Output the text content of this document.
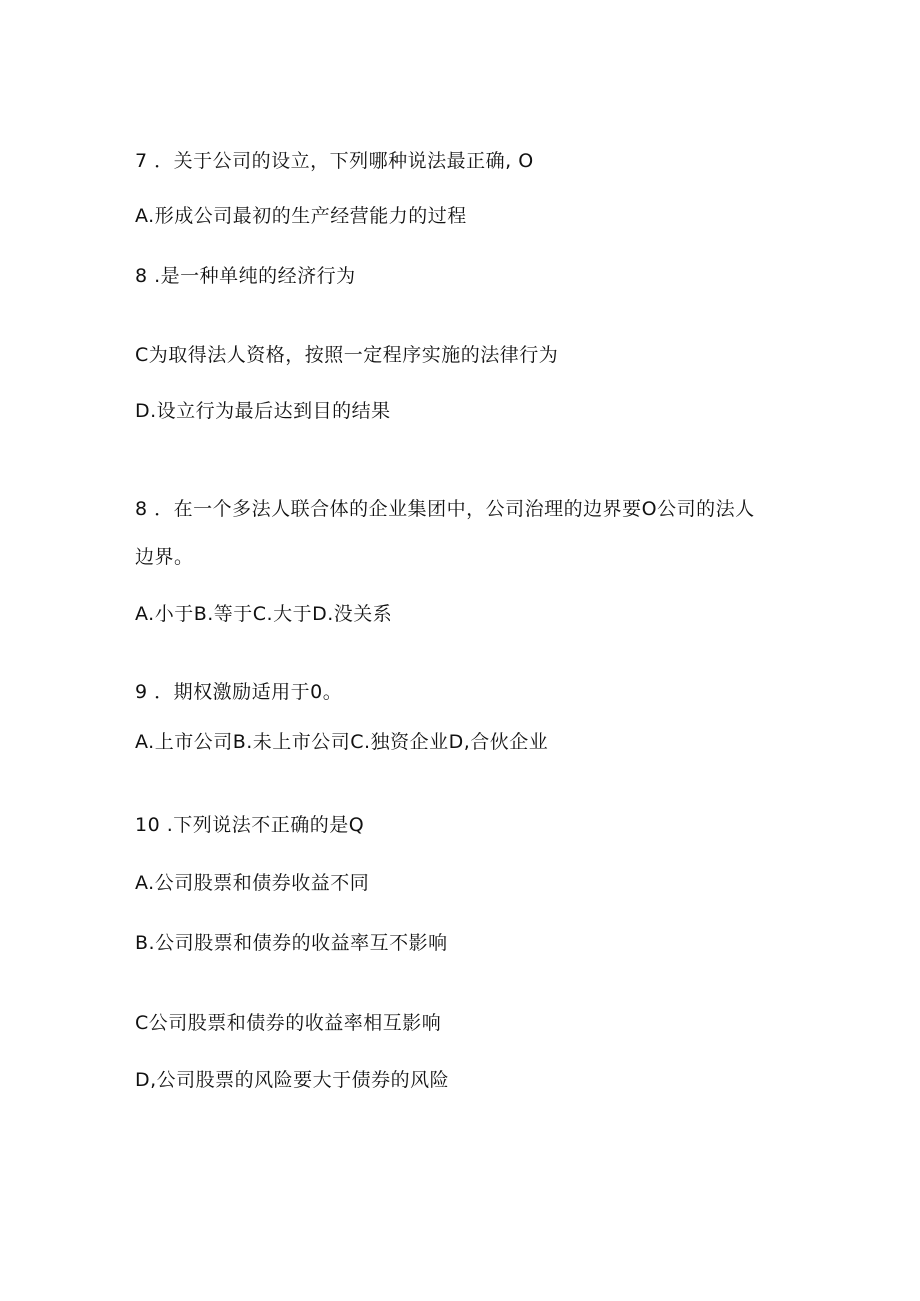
7 ．关于公司的设立，下列哪种说法最正确, O
A.形成公司最初的生产经营能力的过程
8 .是一种单纯的经济行为
C为取得法人资格，按照一定程序实施的法律行为
D.设立行为最后达到目的结果
8 ．在一个多法人联合体的企业集团中，公司治理的边界要O公司的法人
边界。
A.小于B.等于C.大于D.没关系
9 ．期权激励适用于0。
A.上市公司B.未上市公司C.独资企业D,合伙企业
10 .下列说法不正确的是Q
A.公司股票和债券收益不同
B.公司股票和债券的收益率互不影响
C公司股票和债券的收益率相互影响
D,公司股票的风险要大于债券的风险
